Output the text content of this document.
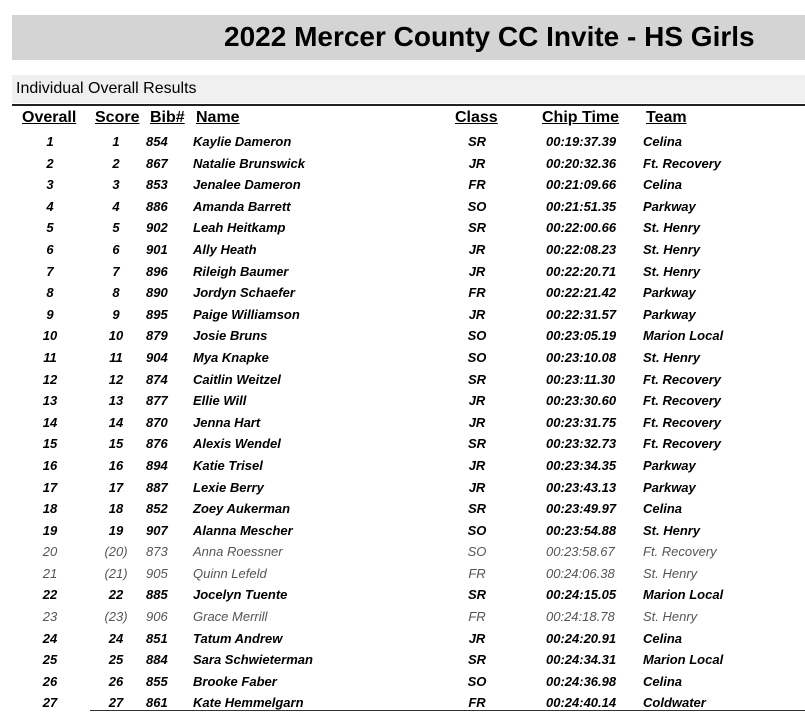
2022 Mercer County CC Invite - HS Girls
Individual Overall Results
Overall Score Bib# Name	Class	Chip Time Team
1	1	854 Kaylie Dameron	SR	00:19:37.39 Celina
2	2	867 Natalie Brunswick	JR	00:20:32.36 Ft. Recovery
3	3	853 Jenalee Dameron	FR	00:21:09.66 Celina
4	4	886 Amanda Barrett	SO	00:21:51.35 Parkway
5	5	902 Leah Heitkamp	SR	00:22:00.66 St. Henry
6	6	901 Ally Heath	JR	00:22:08.23 St. Henry
7	7	896 Rileigh Baumer	JR	00:22:20.71 St. Henry
8	8	890 Jordyn Schaefer	FR	00:22:21.42 Parkway
9	9	895 Paige Williamson	JR	00:22:31.57 Parkway
10	10	879 Josie Bruns	SO	00:23:05.19 Marion Local
11	11	904 Mya Knapke	SO	00:23:10.08 St. Henry
12	12	874 Caitlin Weitzel	SR	00:23:11.30 Ft. Recovery
13	13	877 Ellie Will	JR	00:23:30.60 Ft. Recovery
14	14	870 Jenna Hart	JR	00:23:31.75 Ft. Recovery
15	15	876 Alexis Wendel	SR	00:23:32.73 Ft. Recovery
16	16	894 Katie Trisel	JR	00:23:34.35 Parkway
17	17	887 Lexie Berry	JR	00:23:43.13 Parkway
18	18	852 Zoey Aukerman	SR	00:23:49.97 Celina
19	19	907 Alanna Mescher	SO	00:23:54.88 St. Henry
20	(20)	873 Anna Roessner	SO	00:23:58.67 Ft. Recovery
21	(21)	905 Quinn Lefeld	FR	00:24:06.38 St. Henry
22	22	885 Jocelyn Tuente	SR	00:24:15.05 Marion Local
23	(23)	906 Grace Merrill	FR	00:24:18.78 St. Henry
24	24	851 Tatum Andrew	JR	00:24:20.91 Celina
25	25	884 Sara Schwieterman	SR	00:24:34.31 Marion Local
26	26	855 Brooke Faber	SO	00:24:36.98 Celina
27	27	861 Kate Hemmelgarn	FR	00:24:40.14 Coldwater
